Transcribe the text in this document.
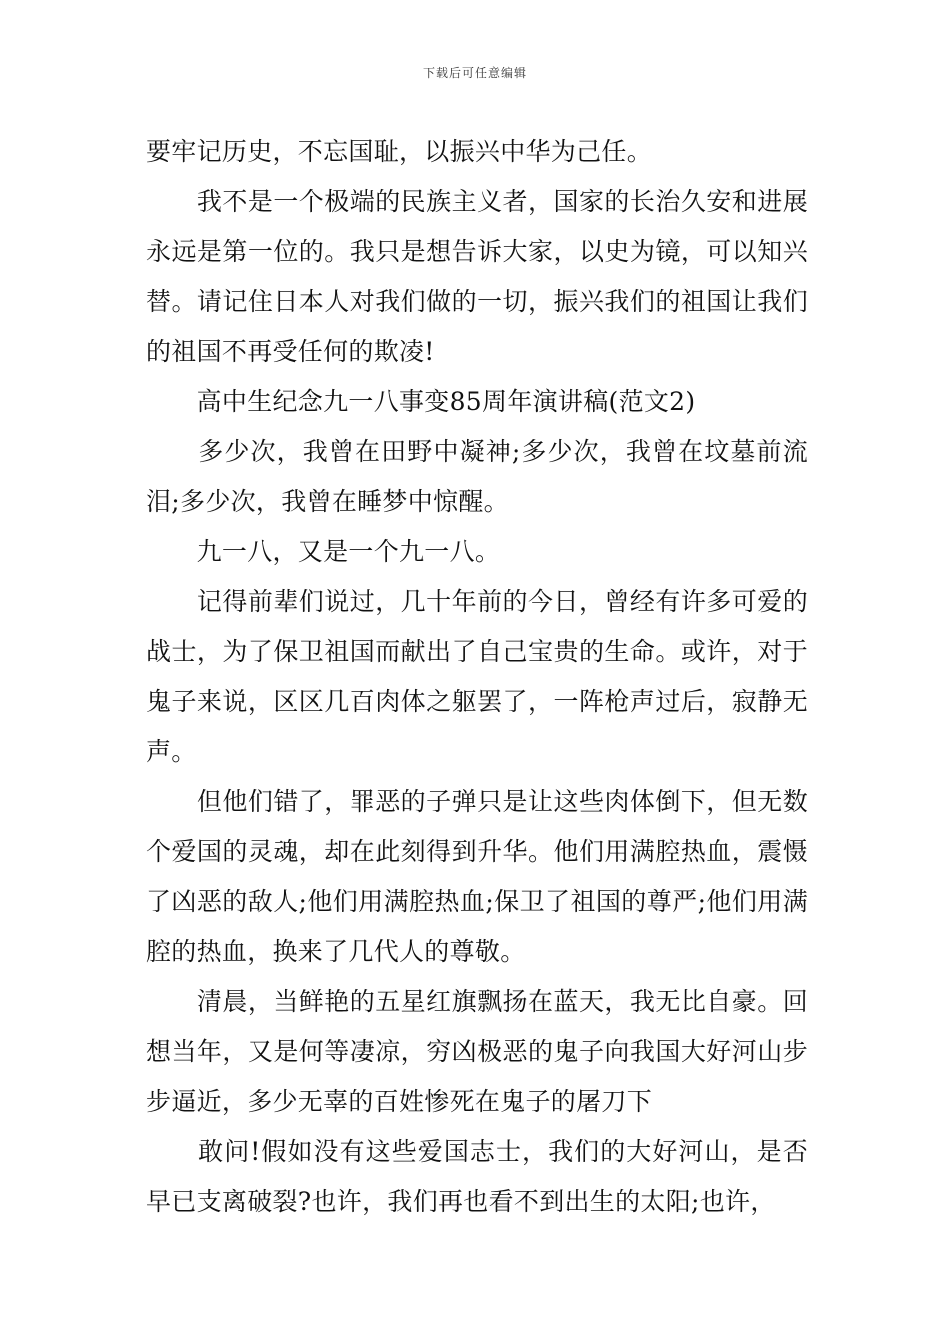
下载后可任意编辑

要牢记历史，不忘国耻，以振兴中华为己任。

　　我不是一个极端的民族主义者，国家的长治久安和进展永远是第一位的。我只是想告诉大家，以史为镜，可以知兴替。请记住日本人对我们做的一切，振兴我们的祖国让我们的祖国不再受任何的欺凌!

　　高中生纪念九一八事变85周年演讲稿(范文2)

　　多少次，我曾在田野中凝神;多少次，我曾在坟墓前流泪;多少次，我曾在睡梦中惊醒。

　　九一八，又是一个九一八。

　　记得前辈们说过，几十年前的今日，曾经有许多可爱的战士，为了保卫祖国而献出了自己宝贵的生命。或许，对于鬼子来说，区区几百肉体之躯罢了，一阵枪声过后，寂静无声。

　　但他们错了，罪恶的子弹只是让这些肉体倒下，但无数个爱国的灵魂，却在此刻得到升华。他们用满腔热血，震慑了凶恶的敌人;他们用满腔热血;保卫了祖国的尊严;他们用满腔的热血，换来了几代人的尊敬。

　　清晨，当鲜艳的五星红旗飘扬在蓝天，我无比自豪。回想当年，又是何等凄凉，穷凶极恶的鬼子向我国大好河山步步逼近，多少无辜的百姓惨死在鬼子的屠刀下

　　敢问!假如没有这些爱国志士，我们的大好河山，是否早已支离破裂?也许，我们再也看不到出生的太阳;也许，
